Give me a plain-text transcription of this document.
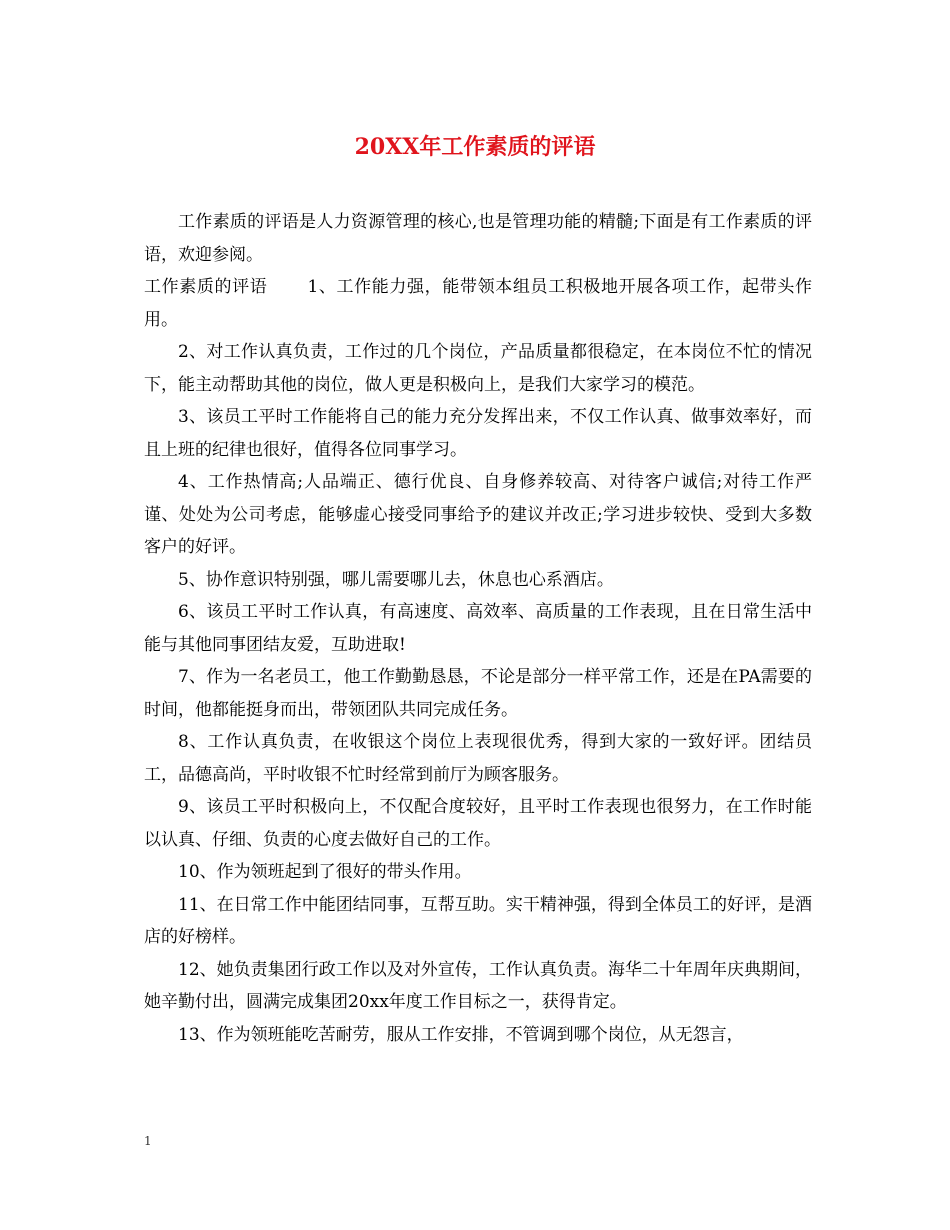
20XX年工作素质的评语

工作素质的评语是人力资源管理的核心,也是管理功能的精髓;下面是有工作素质的评语，欢迎参阅。

工作素质的评语 1、工作能力强，能带领本组员工积极地开展各项工作，起带头作用。

2、对工作认真负责，工作过的几个岗位，产品质量都很稳定，在本岗位不忙的情况下，能主动帮助其他的岗位，做人更是积极向上，是我们大家学习的模范。

3、该员工平时工作能将自己的能力充分发挥出来，不仅工作认真、做事效率好，而且上班的纪律也很好，值得各位同事学习。

4、工作热情高;人品端正、德行优良、自身修养较高、对待客户诚信;对待工作严谨、处处为公司考虑，能够虚心接受同事给予的建议并改正;学习进步较快、受到大多数客户的好评。

5、协作意识特别强，哪儿需要哪儿去，休息也心系酒店。

6、该员工平时工作认真，有高速度、高效率、高质量的工作表现，且在日常生活中能与其他同事团结友爱，互助进取!

7、作为一名老员工，他工作勤勤恳恳，不论是部分一样平常工作，还是在PA需要的时间，他都能挺身而出，带领团队共同完成任务。

8、工作认真负责，在收银这个岗位上表现很优秀，得到大家的一致好评。团结员工，品德高尚，平时收银不忙时经常到前厅为顾客服务。

9、该员工平时积极向上，不仅配合度较好，且平时工作表现也很努力，在工作时能以认真、仔细、负责的心度去做好自己的工作。

10、作为领班起到了很好的带头作用。

11、在日常工作中能团结同事，互帮互助。实干精神强，得到全体员工的好评，是酒店的好榜样。

12、她负责集团行政工作以及对外宣传，工作认真负责。海华二十年周年庆典期间，她辛勤付出，圆满完成集团20xx年度工作目标之一，获得肯定。

13、作为领班能吃苦耐劳，服从工作安排，不管调到哪个岗位，从无怨言，

1
